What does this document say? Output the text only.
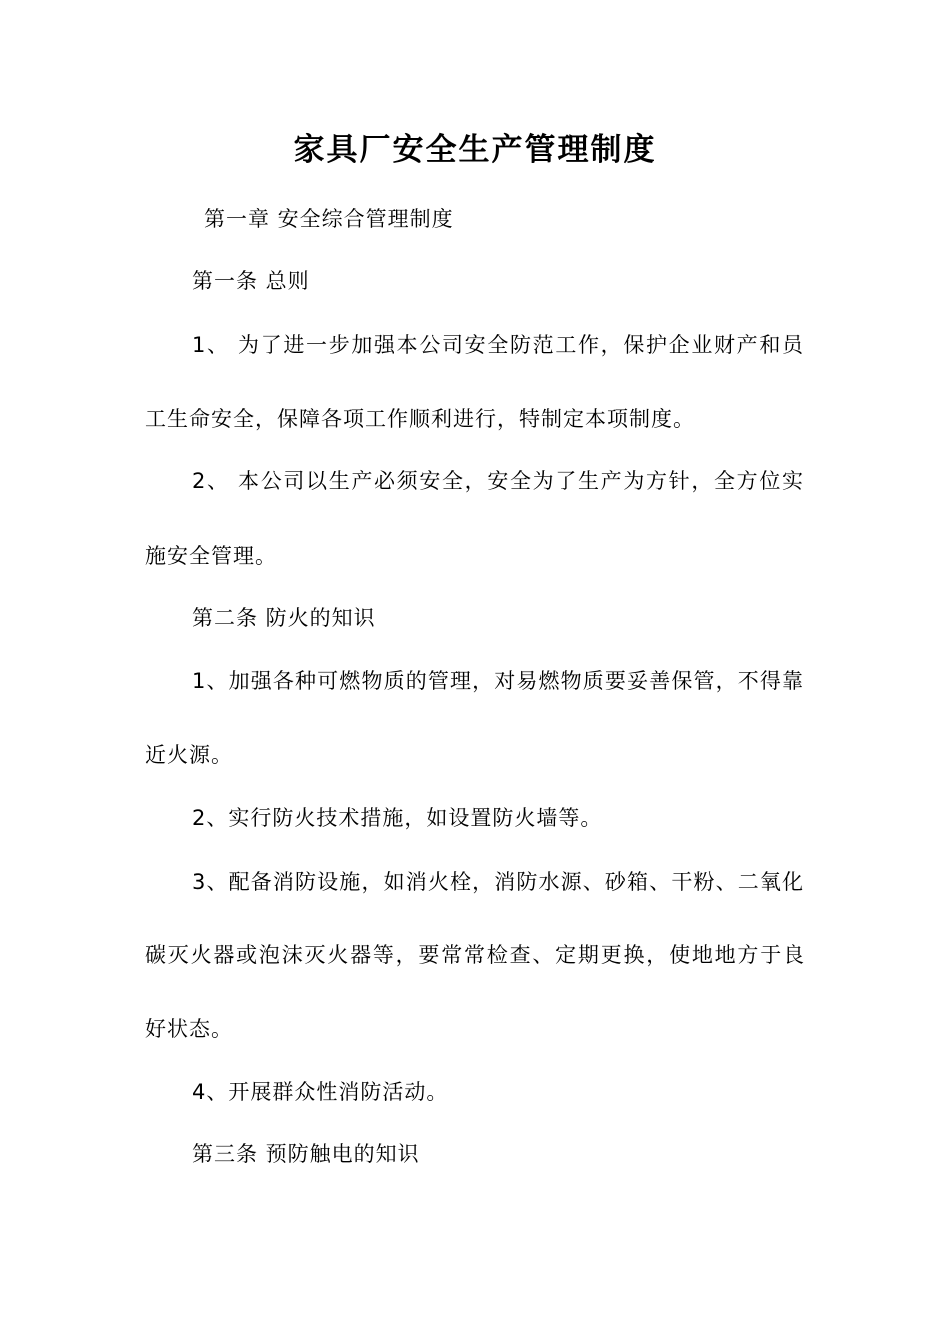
家具厂安全生产管理制度
第一章 安全综合管理制度
第一条 总则
1、 为了进一步加强本公司安全防范工作，保护企业财产和员
工生命安全，保障各项工作顺利进行，特制定本项制度。
2、 本公司以生产必须安全，安全为了生产为方针，全方位实
施安全管理。
第二条 防火的知识
1、加强各种可燃物质的管理，对易燃物质要妥善保管，不得靠
近火源。
2、实行防火技术措施，如设置防火墙等。
3、配备消防设施，如消火栓，消防水源、砂箱、干粉、二氧化
碳灭火器或泡沫灭火器等，要常常检查、定期更换，使地地方于良
好状态。
4、开展群众性消防活动。
第三条 预防触电的知识
